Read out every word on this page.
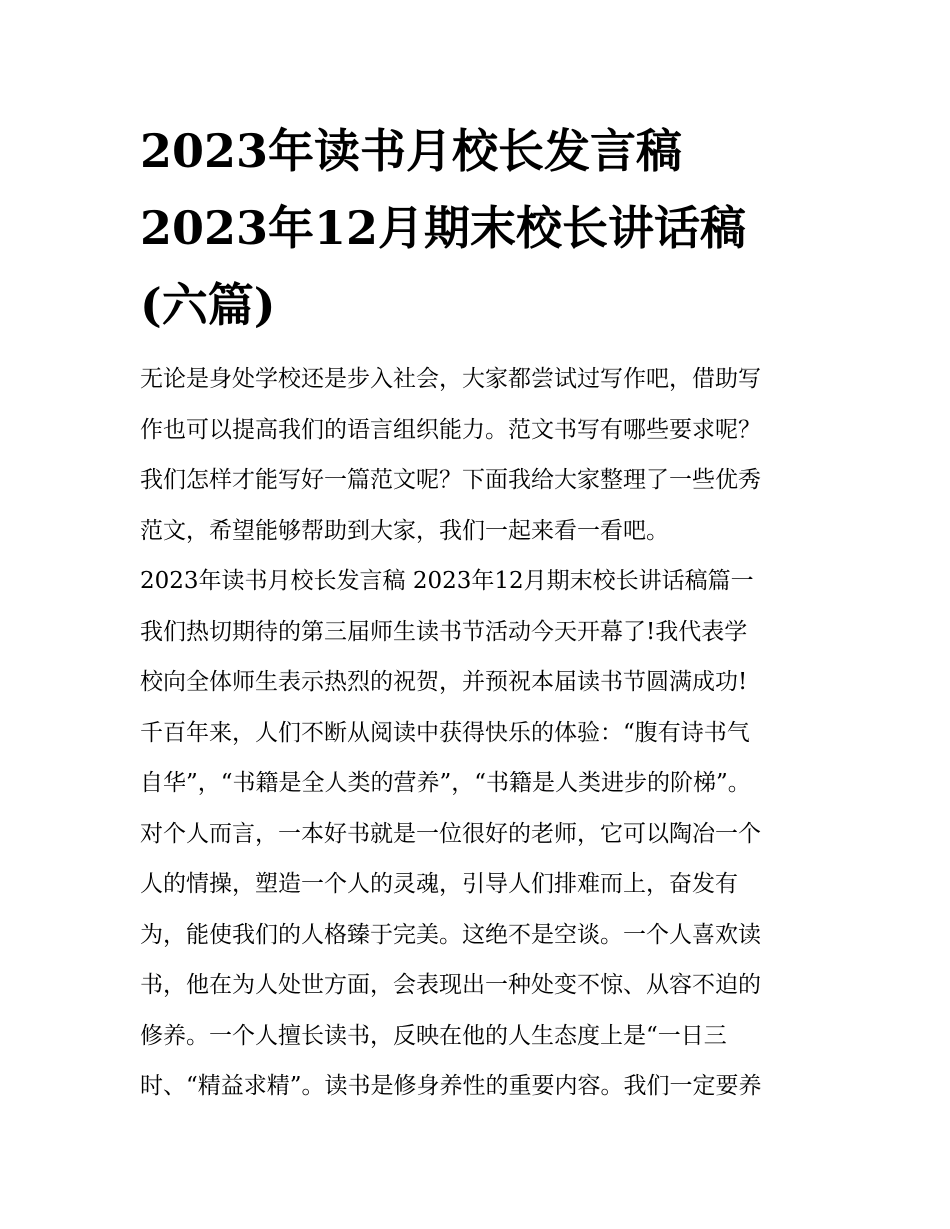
2023年读书月校长发言稿
2023年12月期末校长讲话稿
(六篇)

无论是身处学校还是步入社会，大家都尝试过写作吧，借助写

作也可以提高我们的语言组织能力。范文书写有哪些要求呢？

我们怎样才能写好一篇范文呢？下面我给大家整理了一些优秀

范文，希望能够帮助到大家，我们一起来看一看吧。

2023年读书月校长发言稿 2023年12月期末校长讲话稿篇一

我们热切期待的第三届师生读书节活动今天开幕了!我代表学

校向全体师生表示热烈的祝贺，并预祝本届读书节圆满成功!

千百年来，人们不断从阅读中获得快乐的体验：“腹有诗书气

自华”，“书籍是全人类的营养”，“书籍是人类进步的阶梯”。

对个人而言，一本好书就是一位很好的老师，它可以陶冶一个

人的情操，塑造一个人的灵魂，引导人们排难而上，奋发有

为，能使我们的人格臻于完美。这绝不是空谈。一个人喜欢读

书，他在为人处世方面，会表现出一种处变不惊、从容不迫的

修养。一个人擅长读书，反映在他的人生态度上是“一日三

时、“精益求精”。读书是修身养性的重要内容。我们一定要养
